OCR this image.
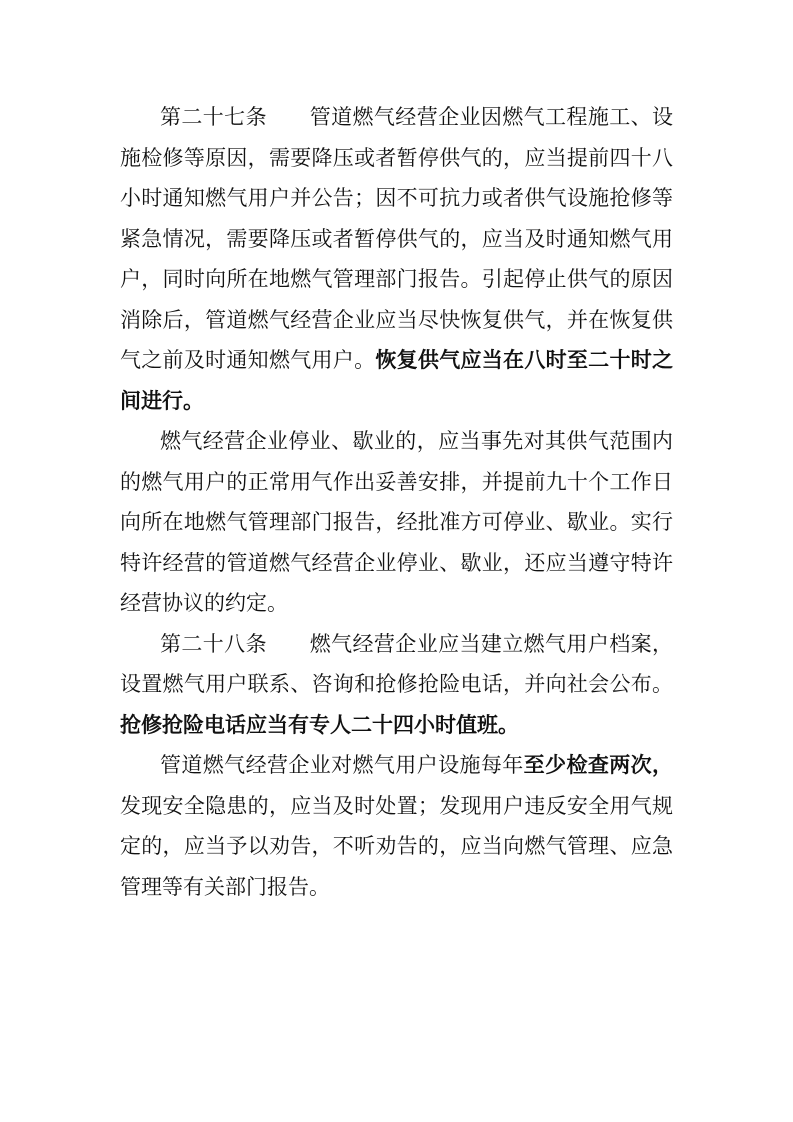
第二十七条　　管道燃气经营企业因燃气工程施工、设
施检修等原因，需要降压或者暂停供气的，应当提前四十八
小时通知燃气用户并公告；因不可抗力或者供气设施抢修等
紧急情况，需要降压或者暂停供气的，应当及时通知燃气用
户，同时向所在地燃气管理部门报告。引起停止供气的原因
消除后，管道燃气经营企业应当尽快恢复供气，并在恢复供
气之前及时通知燃气用户。恢复供气应当在八时至二十时之
间进行。
燃气经营企业停业、歇业的，应当事先对其供气范围内
的燃气用户的正常用气作出妥善安排，并提前九十个工作日
向所在地燃气管理部门报告，经批准方可停业、歇业。实行
特许经营的管道燃气经营企业停业、歇业，还应当遵守特许
经营协议的约定。
第二十八条　　燃气经营企业应当建立燃气用户档案，
设置燃气用户联系、咨询和抢修抢险电话，并向社会公布。
抢修抢险电话应当有专人二十四小时值班。
管道燃气经营企业对燃气用户设施每年至少检查两次，
发现安全隐患的，应当及时处置；发现用户违反安全用气规
定的，应当予以劝告，不听劝告的，应当向燃气管理、应急
管理等有关部门报告。
